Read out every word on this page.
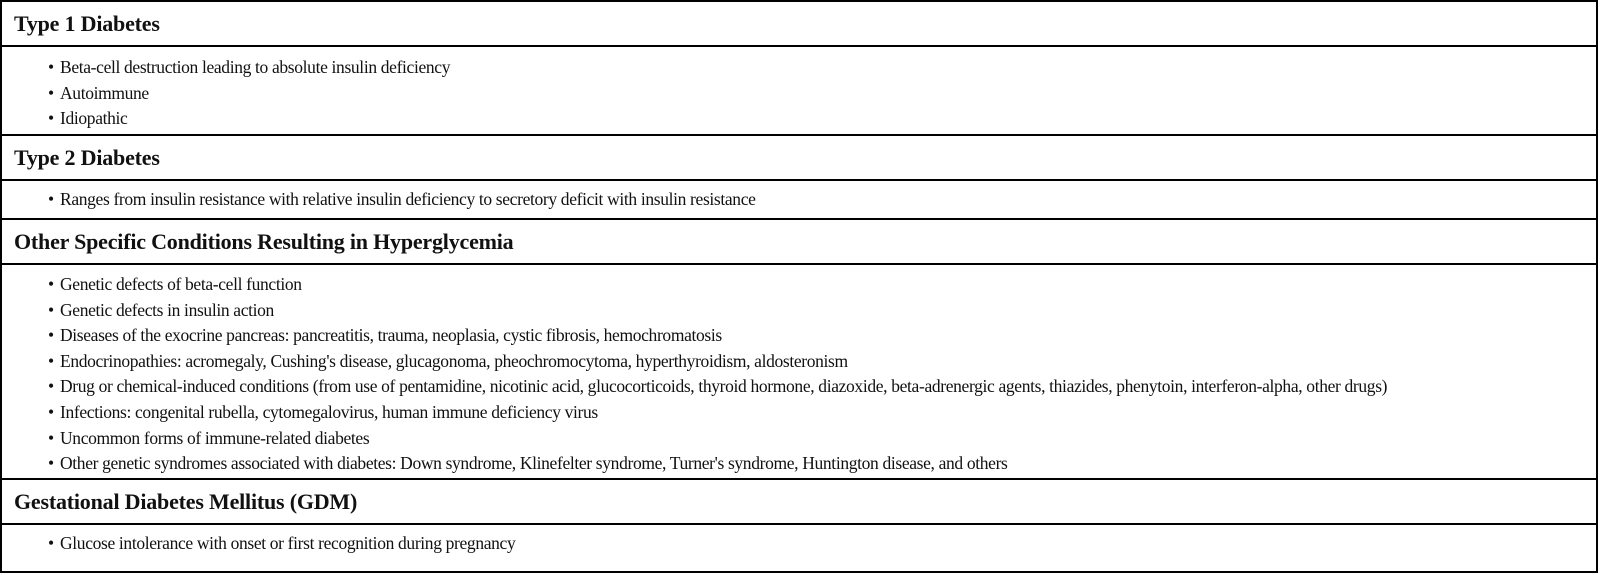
Type 1 Diabetes
• Beta-cell destruction leading to absolute insulin deficiency
• Autoimmune
• Idiopathic
Type 2 Diabetes
• Ranges from insulin resistance with relative insulin deficiency to secretory deficit with insulin resistance
Other Specific Conditions Resulting in Hyperglycemia
• Genetic defects of beta-cell function
• Genetic defects in insulin action
• Diseases of the exocrine pancreas: pancreatitis, trauma, neoplasia, cystic fibrosis, hemochromatosis
• Endocrinopathies: acromegaly, Cushing's disease, glucagonoma, pheochromocytoma, hyperthyroidism, aldosteronism
• Drug or chemical-induced conditions (from use of pentamidine, nicotinic acid, glucocorticoids, thyroid hormone, diazoxide, beta-adrenergic agents, thiazides, phenytoin, interferon-alpha, other drugs)
• Infections: congenital rubella, cytomegalovirus, human immune deficiency virus
• Uncommon forms of immune-related diabetes
• Other genetic syndromes associated with diabetes: Down syndrome, Klinefelter syndrome, Turner's syndrome, Huntington disease, and others
Gestational Diabetes Mellitus (GDM)
• Glucose intolerance with onset or first recognition during pregnancy
